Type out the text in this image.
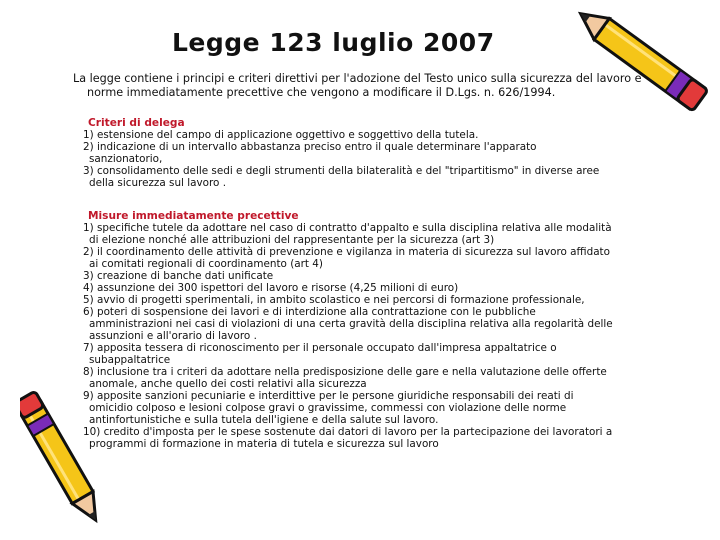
Legge 123 luglio 2007
La legge contiene i principi e criteri direttivi per l'adozione del Testo unico sulla sicurezza del lavoro e
norme immediatamente precettive che vengono a modificare il D.Lgs. n. 626/1994.
Criteri di delega
1) estensione del campo di applicazione oggettivo e soggettivo della tutela.
2) indicazione di un intervallo abbastanza preciso entro il quale determinare l'apparato
sanzionatorio,
3) consolidamento delle sedi e degli strumenti della bilateralità e del "tripartitismo" in diverse aree
della sicurezza sul lavoro .
Misure immediatamente precettive
1) specifiche tutele da adottare nel caso di contratto d'appalto e sulla disciplina relativa alle modalità
di elezione nonché alle attribuzioni del rappresentante per la sicurezza (art 3)
2) il coordinamento delle attività di prevenzione e vigilanza in materia di sicurezza sul lavoro affidato
ai comitati regionali di coordinamento (art 4)
3) creazione di banche dati unificate
4) assunzione dei 300 ispettori del lavoro e risorse (4,25 milioni di euro)
5) avvio di progetti sperimentali, in ambito scolastico e nei percorsi di formazione professionale,
6) poteri di sospensione dei lavori e di interdizione alla contrattazione con le pubbliche
amministrazioni nei casi di violazioni di una certa gravità della disciplina relativa alla regolarità delle
assunzioni e all'orario di lavoro .
7) apposita tessera di riconoscimento per il personale occupato dall'impresa appaltatrice o
subappaltatrice
8) inclusione tra i criteri da adottare nella predisposizione delle gare e nella valutazione delle offerte
anomale, anche quello dei costi relativi alla sicurezza
9) apposite sanzioni pecuniarie e interdittive per le persone giuridiche responsabili dei reati di
omicidio colposo e lesioni colpose gravi o gravissime, commessi con violazione delle norme
antinfortunistiche e sulla tutela dell'igiene e della salute sul lavoro.
10) credito d'imposta per le spese sostenute dai datori di lavoro per la partecipazione dei lavoratori a
programmi di formazione in materia di tutela e sicurezza sul lavoro
